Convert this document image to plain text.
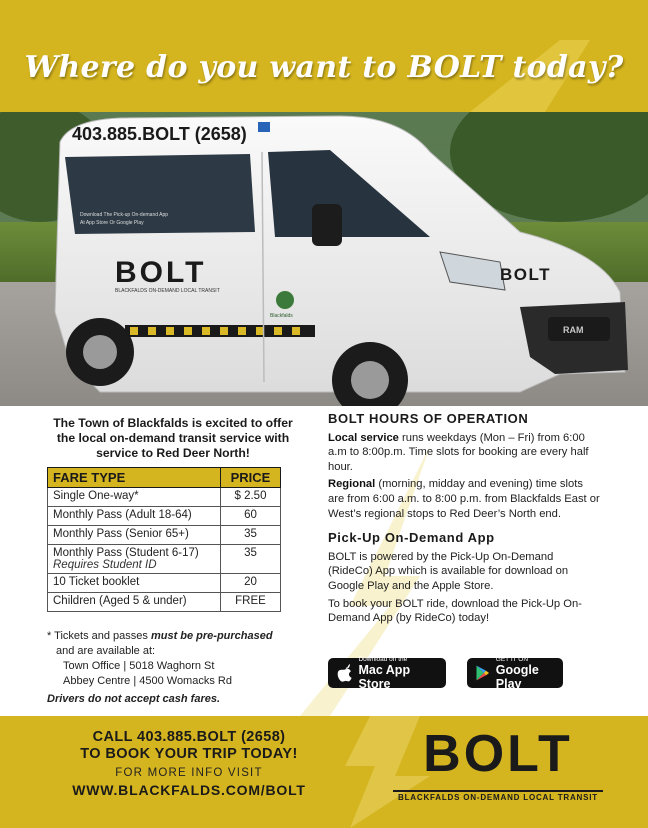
Where do you want to BOLT today?
403.885.BOLT (2658)
Download The Pick-up On-demand App
At App Store Or Google Play
BOLT
BLACKFALDS ON-DEMAND LOCAL TRANSIT
Blackfalds
BOLT
RAM
The Town of Blackfalds is excited to offer the local on-demand transit service with service to Red Deer North!
FARE TYPE	PRICE
Single One-way*	$ 2.50
Monthly Pass (Adult 18-64)	60
Monthly Pass (Senior 65+)	35
Monthly Pass (Student 6-17) Requires Student ID	35
10 Ticket booklet	20
Children (Aged 5 & under)	FREE
* Tickets and passes must be pre-purchased
and are available at:
Town Office | 5018 Waghorn St
Abbey Centre | 4500 Womacks Rd
Drivers do not accept cash fares.
BOLT HOURS OF OPERATION

Local service runs weekdays (Mon – Fri) from 6:00 a.m to 8:00p.m. Time slots for booking are every half hour.

Regional (morning, midday and evening) time slots are from 6:00 a.m. to 8:00 p.m. from Blackfalds East or West’s regional stops to Red Deer’s North end.

Pick-Up On-Demand App

BOLT is powered by the Pick-Up On-Demand (RideCo) App which is available for download on Google Play and the Apple Store.

To book your BOLT ride, download the Pick-Up On-Demand App (by RideCo) today!

Download on the
Mac App Store
GET IT ON
Google Play
CALL 403.885.BOLT (2658)
TO BOOK YOUR TRIP TODAY!
FOR MORE INFO VISIT
WWW.BLACKFALDS.COM/BOLT
BOLT
BLACKFALDS ON-DEMAND LOCAL TRANSIT
